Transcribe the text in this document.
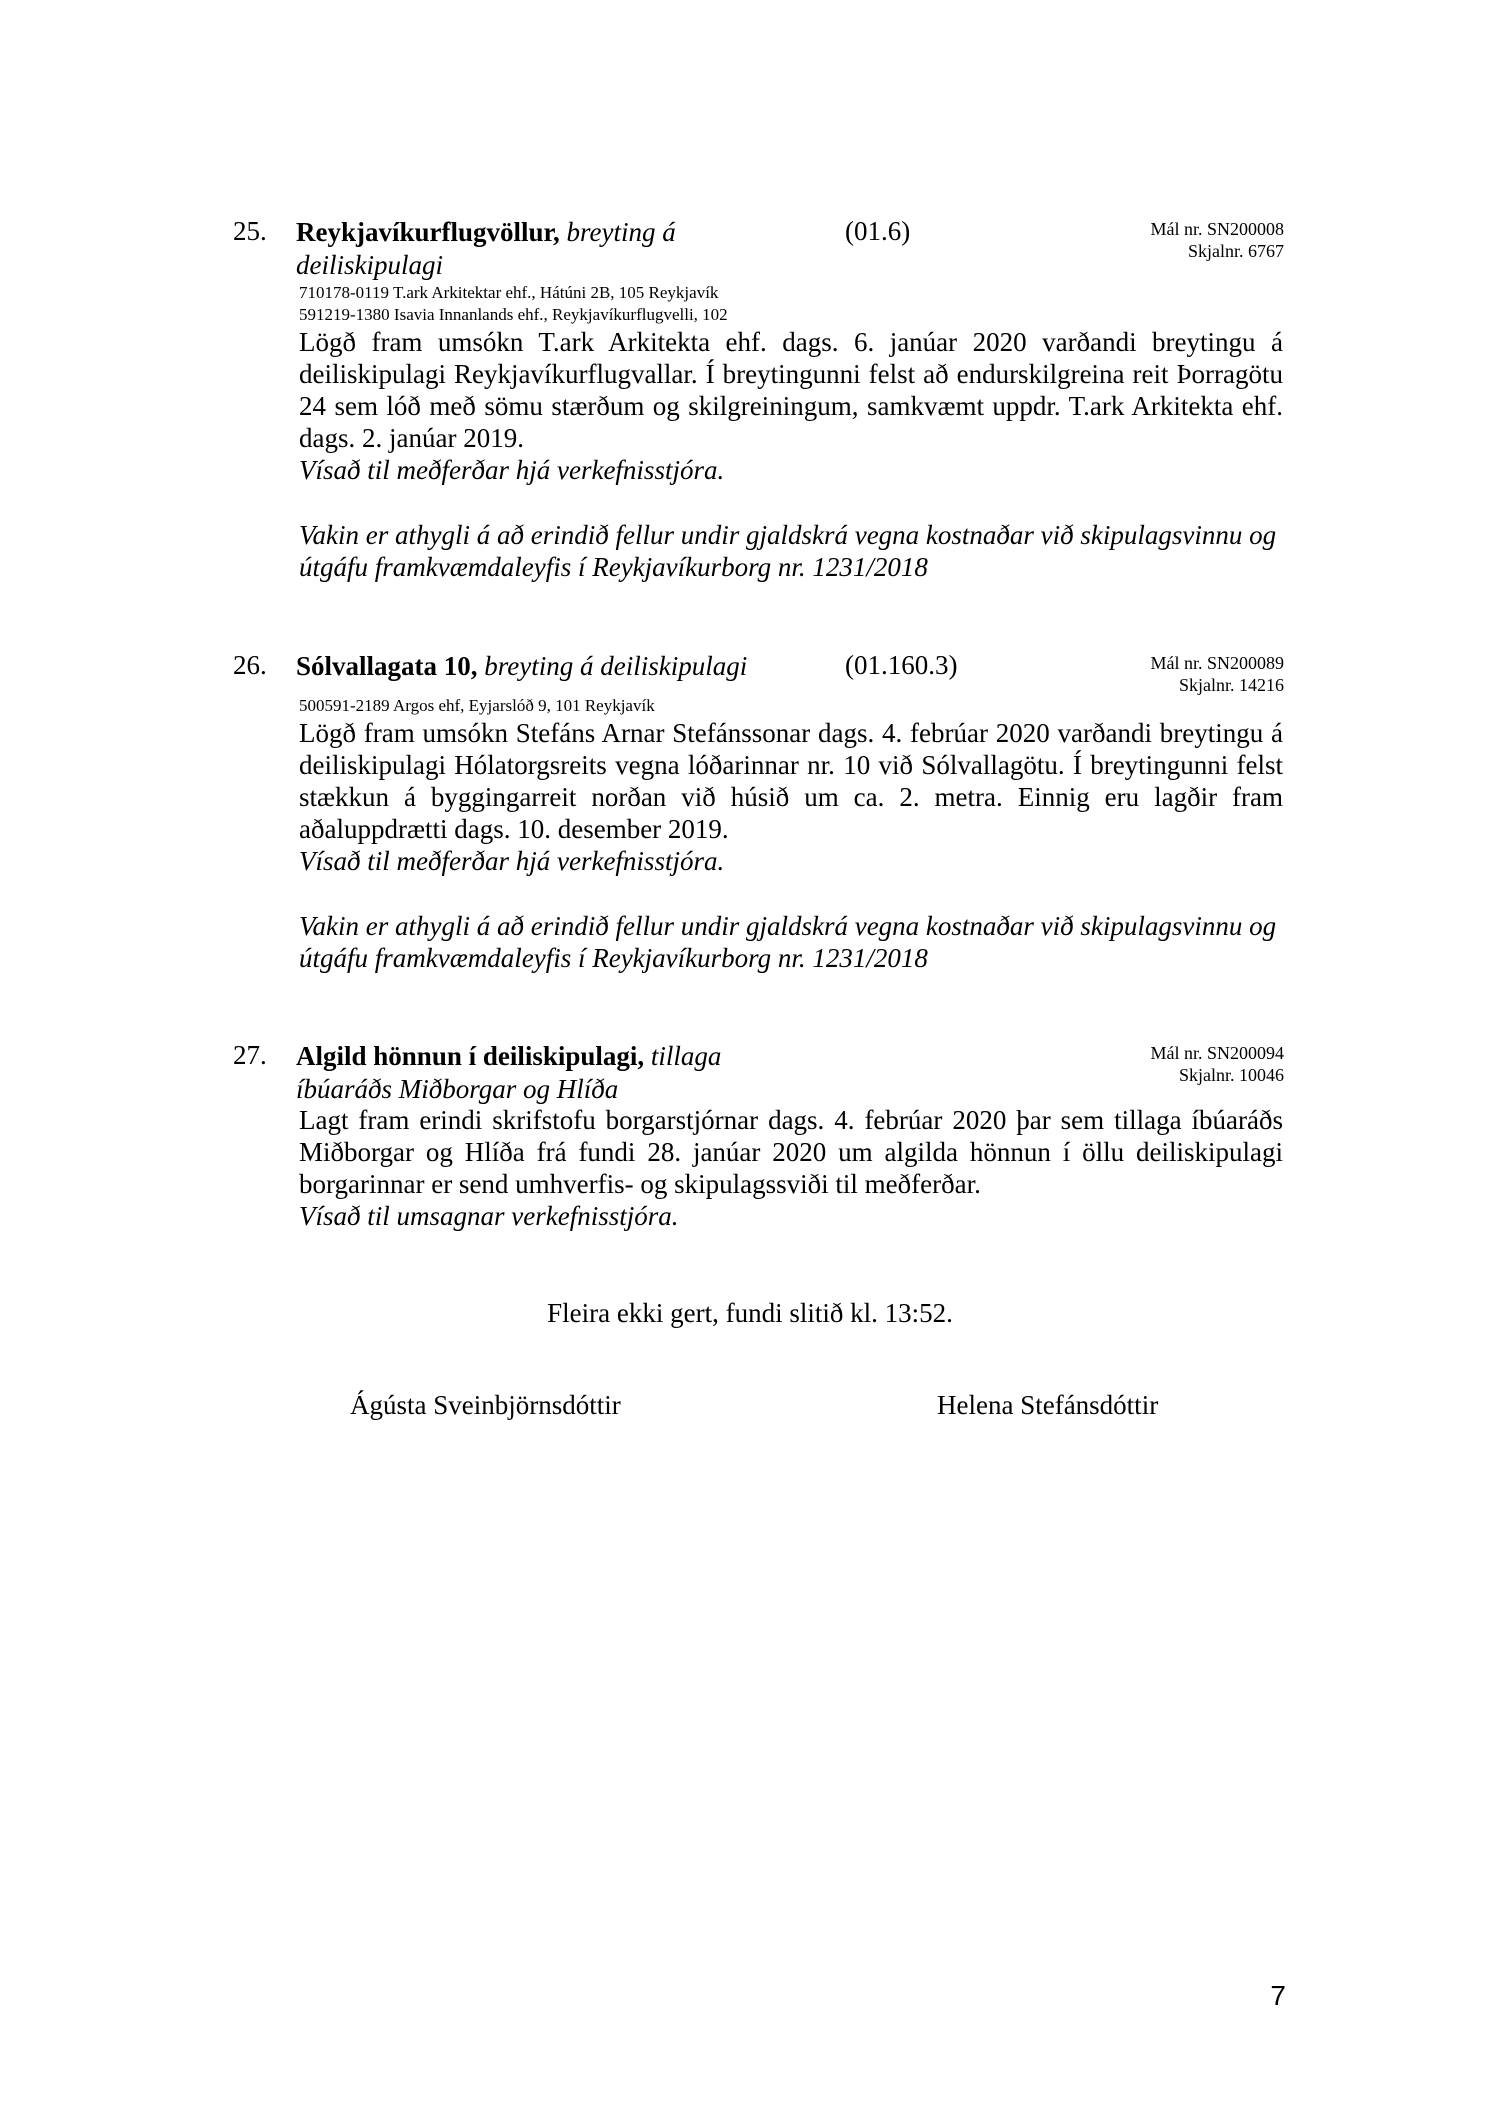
25. Reykjavíkurflugvöllur, breyting á
deiliskipulagi
(01.6)	Mál nr. SN200008
Skjalnr. 6767
710178-0119 T.ark Arkitektar ehf., Hátúni 2B, 105 Reykjavík
591219-1380 Isavia Innanlands ehf., Reykjavíkurflugvelli, 102

Lögð fram umsókn T.ark Arkitekta ehf. dags. 6. janúar 2020 varðandi breytingu á deiliskipulagi Reykjavíkurflugvallar. Í breytingunni felst að endurskilgreina reit Þorragötu 24 sem lóð með sömu stærðum og skilgreiningum, samkvæmt uppdr. T.ark Arkitekta ehf. dags. 2. janúar 2019.

Vísað til meðferðar hjá verkefnisstjóra.

Vakin er athygli á að erindið fellur undir gjaldskrá vegna kostnaðar við skipulagsvinnu og útgáfu framkvæmdaleyfis í Reykjavíkurborg nr. 1231/2018
26. Sólvallagata 10, breyting á deiliskipulagi	(01.160.3)	Mál nr. SN200089
Skjalnr. 14216
500591-2189 Argos ehf, Eyjarslóð 9, 101 Reykjavík

Lögð fram umsókn Stefáns Arnar Stefánssonar dags. 4. febrúar 2020 varðandi breytingu á deiliskipulagi Hólatorgsreits vegna lóðarinnar nr. 10 við Sólvallagötu. Í breytingunni felst stækkun á byggingarreit norðan við húsið um ca. 2. metra. Einnig eru lagðir fram aðaluppdrætti dags. 10. desember 2019.

Vísað til meðferðar hjá verkefnisstjóra.

Vakin er athygli á að erindið fellur undir gjaldskrá vegna kostnaðar við skipulagsvinnu og útgáfu framkvæmdaleyfis í Reykjavíkurborg nr. 1231/2018
27. Algild hönnun í deiliskipulagi, tillaga
íbúaráðs Miðborgar og Hlíða
Mál nr. SN200094
Skjalnr. 10046

Lagt fram erindi skrifstofu borgarstjórnar dags. 4. febrúar 2020 þar sem tillaga íbúaráðs Miðborgar og Hlíða frá fundi 28. janúar 2020 um algilda hönnun í öllu deiliskipulagi borgarinnar er send umhverfis- og skipulagssviði til meðferðar.

Vísað til umsagnar verkefnisstjóra.

Fleira ekki gert, fundi slitið kl. 13:52.
Ágústa Sveinbjörnsdóttir	Helena Stefánsdóttir
7
